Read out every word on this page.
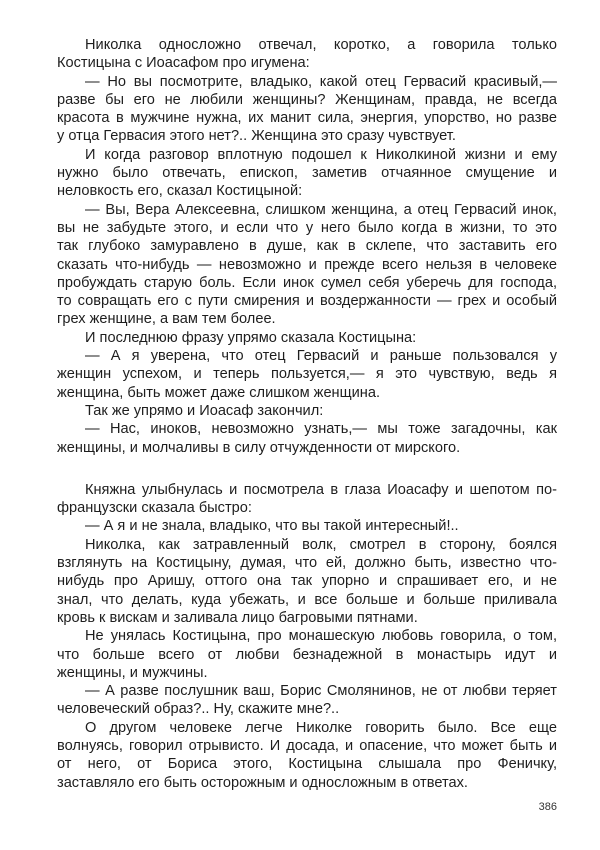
Николка односложно отвечал, коротко, а говорила только
Костицына с Иоасафом про игумена:
— Но вы посмотрите, владыко, какой отец Гервасий красивый,—
разве бы его не любили женщины? Женщинам, правда, не всегда
красота в мужчине нужна, их манит сила, энергия, упорство, но разве
у отца Гервасия этого нет?.. Женщина это сразу чувствует.
И когда разговор вплотную подошел к Николкиной жизни и ему
нужно было отвечать, епископ, заметив отчаянное смущение и
неловкость его, сказал Костицыной:
— Вы, Вера Алексеевна, слишком женщина, а отец Гервасий инок,
вы не забудьте этого, и если что у него было когда в жизни, то это
так глубоко замуравлено в душе, как в склепе, что заставить его
сказать что-нибудь — невозможно и прежде всего нельзя в человеке
пробуждать старую боль. Если инок сумел себя уберечь для господа,
то совращать его с пути смирения и воздержанности — грех и особый
грех женщине, а вам тем более.
И последнюю фразу упрямо сказала Костицына:
— А я уверена, что отец Гервасий и раньше пользовался у
женщин успехом, и теперь пользуется,— я это чувствую, ведь я
женщина, быть может даже слишком женщина.
Так же упрямо и Иоасаф закончил:
— Нас, иноков, невозможно узнать,— мы тоже загадочны, как
женщины, и молчаливы в силу отчужденности от мирского.
Княжна улыбнулась и посмотрела в глаза Иоасафу и шепотом по-
французски сказала быстро:
— А я и не знала, владыко, что вы такой интересный!..
Николка, как затравленный волк, смотрел в сторону, боялся
взглянуть на Костицыну, думая, что ей, должно быть, известно что-
нибудь про Аришу, оттого она так упорно и спрашивает его, и не
знал, что делать, куда убежать, и все больше и больше приливала
кровь к вискам и заливала лицо багровыми пятнами.
Не унялась Костицына, про монашескую любовь говорила, о том,
что больше всего от любви безнадежной в монастырь идут и
женщины, и мужчины.
— А разве послушник ваш, Борис Смолянинов, не от любви теряет
человеческий образ?.. Ну, скажите мне?..
О другом человеке легче Николке говорить было. Все еще
волнуясь, говорил отрывисто. И досада, и опасение, что может быть и
от него, от Бориса этого, Костицына слышала про Феничку,
заставляло его быть осторожным и односложным в ответах.
386
